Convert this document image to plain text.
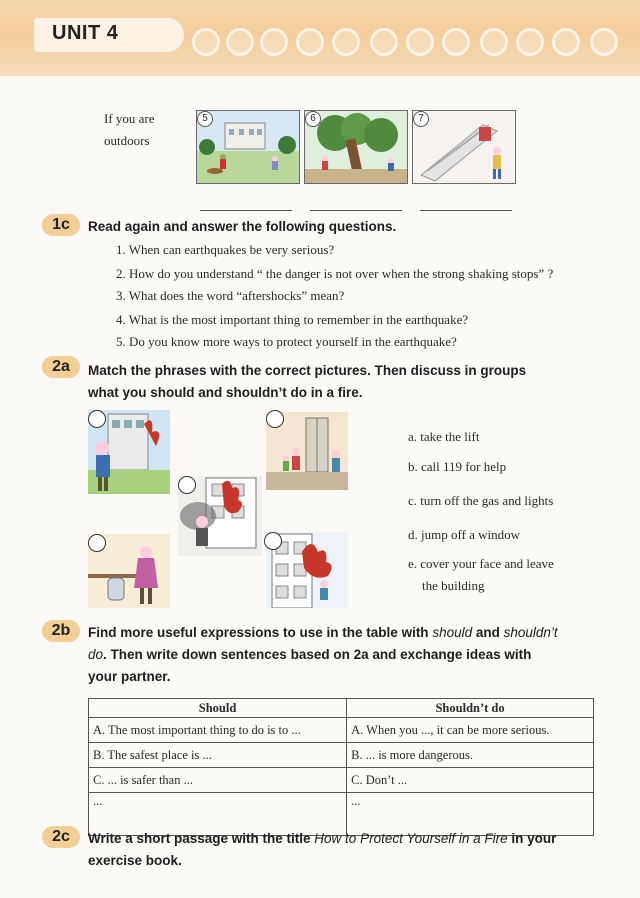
UNIT 4
If you are
outdoors
5	6	7
1c	Read again and answer the following questions.
1. When can earthquakes be very serious?
2. How do you understand “ the danger is not over when the strong shaking stops” ?
3. What does the word “aftershocks” mean?
4. What is the most important thing to remember in the earthquake?
5. Do you know more ways to protect yourself in the earthquake?
2a	Match the phrases with the correct pictures. Then discuss in groups
what you should and shouldn’t do in a fire.
a. take the lift
b. call 119 for help
c. turn off the gas and lights
d. jump off a window
e. cover your face and leave
the building
2b	Find more useful expressions to use in the table with should and shouldn’t
do. Then write down sentences based on 2a and exchange ideas with
your partner.
Should	Shouldn’t do
A. The most important thing to do is to ...	A. When you ..., it can be more serious.
B. The safest place is ...	B. ... is more dangerous.
C. ... is safer than ...	C. Don’t ...
...	...
2c	Write a short passage with the title How to Protect Yourself in a Fire in your
exercise book.
